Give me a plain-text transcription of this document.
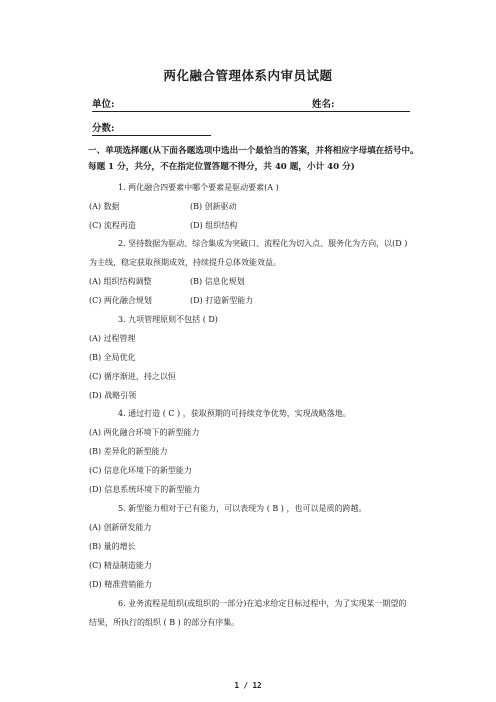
两化融合管理体系内审员试题
单位:	姓名:
分数:
一、单项选择题(从下面各题选项中选出一个最恰当的答案，并将相应字母填在括号中。每题 1 分，共分，不在指定位置答题不得分，共 40 题，小计 40 分)
1. 两化融合四要素中哪个要素是驱动要素(A )
(A) 数据	(B) 创新驱动
(C) 流程再造	(D) 组织结构
2. 坚持数据为驱动、综合集成为突破口、流程化为切入点、服务化为方向，以(D )
为主线，稳定获取预期成效，持续提升总体效能效益。
(A) 组织结构调整	(B) 信息化规划
(C) 两化融合规划	(D) 打造新型能力
3. 九项管理原则不包括 ( D)
(A) 过程管理
(B) 全局优化
(C) 循序渐进，持之以恒
(D) 战略引领
4. 通过打造 ( C ) ，获取预期的可持续竞争优势，实现战略落地。
(A) 两化融合环境下的新型能力
(B) 差异化的新型能力
(C) 信息化环境下的新型能力
(D) 信息系统环境下的新型能力
5. 新型能力相对于已有能力，可以表现为 ( B ) ，也可以是质的跨越。
(A) 创新研发能力
(B) 量的增长
(C) 精益制造能力
(D) 精准营销能力
6. 业务流程是组织(或组织的一部分)在追求给定目标过程中，为了实现某一期望的
结果，所执行的组织 ( B ) 的部分有序集。
1 / 12
